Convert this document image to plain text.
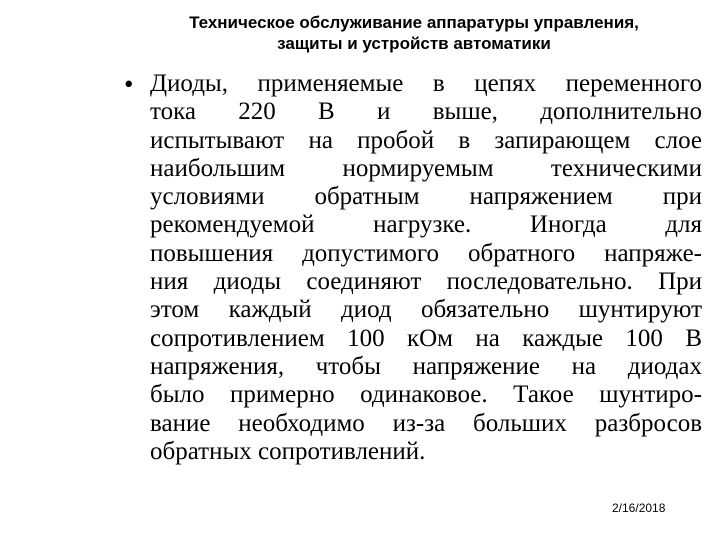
Техническое обслуживание аппаратуры управления,
защиты и устройств автоматики
• Диоды, применяемые в цепях переменного
тока 220 В и выше, дополнительно
испытывают на пробой в запирающем слое
наибольшим нормируемым техническими
условиями обратным напряжением при
рекомендуемой нагрузке. Иногда для
повышения допустимого обратного напряже-
ния диоды соединяют последовательно. При
этом каждый диод обязательно шунтируют
сопротивлением 100 кОм на каждые 100 В
напряжения, чтобы напряжение на диодах
было примерно одинаковое. Такое шунтиро-
вание необходимо из-за больших разбросов
обратных сопротивлений.
2/16/2018
